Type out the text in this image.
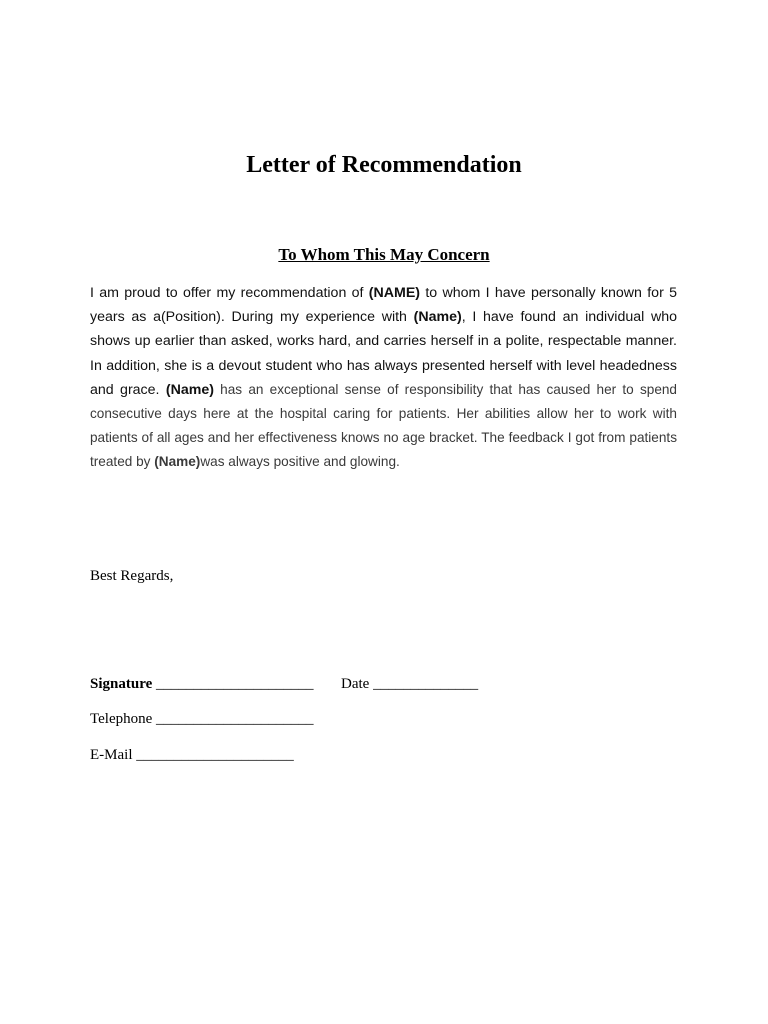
Letter of Recommendation
To Whom This May Concern
I am proud to offer my recommendation of (NAME) to whom I have personally known for 5 years as a(Position). During my experience with (Name), I have found an individual who shows up earlier than asked, works hard, and carries herself in a polite, respectable manner. In addition, she is a devout student who has always presented herself with level headedness and grace. (Name) has an exceptional sense of responsibility that has caused her to spend consecutive days here at the hospital caring for patients. Her abilities allow her to work with patients of all ages and her effectiveness knows no age bracket. The feedback I got from patients treated by (Name)was always positive and glowing.
Best Regards,
Signature _____________________ Date ______________
Telephone _____________________
E-Mail _____________________
